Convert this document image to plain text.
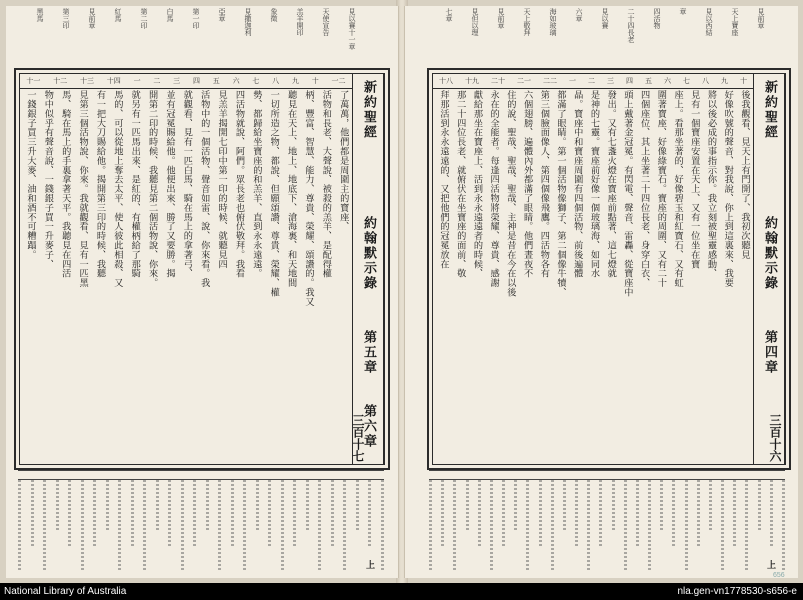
見以賽十一章
天使宣告
羔羊開印
象徵
見撒迦利
亞章
第一印
白馬
第二印
紅馬
見前章
第三印
黑馬
一二
十
九
八
七
六
五
四
三
二
一
十四
十三
十二
十一
了萬萬，他們都是周圍主的寶座、
活物和長老、大聲說、被殺的羔羊、是配得權
柄、豐富、智慧、能力、尊貴、榮耀、頌讚的。我又
聽見在天上、地上、地底下、滄海裏、和天地間
一切所造之物、都說、但願頌讚、尊貴、榮耀、權
勢、都歸給坐寶座的和羔羊、直到永永遠遠。
四活物就說、阿們。眾長老也俯伏敬拜。我看
見羔羊揭開七印中第一印的時候、就聽見四
活物中的一個活物、聲音如雷、說、你來看。我
就觀看、見有一匹白馬、騎在馬上的拿著弓、
並有冠冕賜給他。他便出來、勝了又要勝。揭
開第二印的時候、我聽見第二個活物說、你來。
就另有一匹馬出來、是紅的、有權柄給了那騎
馬的、可以從地上奪去太平、使人彼此相殺、又
有一把大刀賜給他。揭開第三印的時候、我聽
見第三個活物說、你來。我就觀看、見有一匹黑
馬、騎在馬上的手裏拿著天平。我聽見在四活
物中似乎有聲音說、一錢銀子買一升麥子、
一錢銀子買三升大麥、油和酒不可糟蹋。	新約聖經
約翰默示錄
第五章
第六章
三百十七
上
見前章
天上寶座
見以西結
章
四活物
二十四長老
見以賽
六章
海如玻璃
天上敬拜
見前章
見但以理
七章
十
九
八
七
六
五
四
三
二
一
二二
二一
二十
十九
十八
後我觀看、見天上有門開了、我初次聽見
好像吹號的聲音、對我說、你上到這裏來、我要
將以後必成的事指示你。我立刻被聖靈感動、
見有一個寶座安置在天上、又有一位坐在寶
座上。看那坐著的、好像碧玉和紅寶石、又有虹
圍著寶座、好像綠寶石。寶座的周圍、又有二十
四個座位、其上坐著二十四位長老、身穿白衣、
頭上戴著金冠冕。有閃電、聲音、雷轟、從寶座中
發出。又有七盞火燈在寶座前點著、這七燈就
是神的七靈。寶座前好像一個玻璃海、如同水
晶。寶座中和寶座周圍有四個活物、前後遍體
都滿了眼睛。第一個活物像獅子、第二個像牛犢、
第三個臉面像人、第四個像飛鷹。四活物各有
六個翅膀、遍體內外都滿了眼睛。他們晝夜不
住的說、聖哉、聖哉、聖哉、主神是昔在今在以後
永在的全能者。每逢四活物將榮耀、尊貴、感謝
獻給那坐在寶座上、活到永永遠遠者的時候、
那二十四位長老、就俯伏在坐寶座的面前、敬
拜那活到永永遠遠的、又把他們的冠冕放在	新約聖經
約翰默示錄
第四章
三百十六
上
656
National Library of Australia	nla.gen-vn1778530-s656-e
